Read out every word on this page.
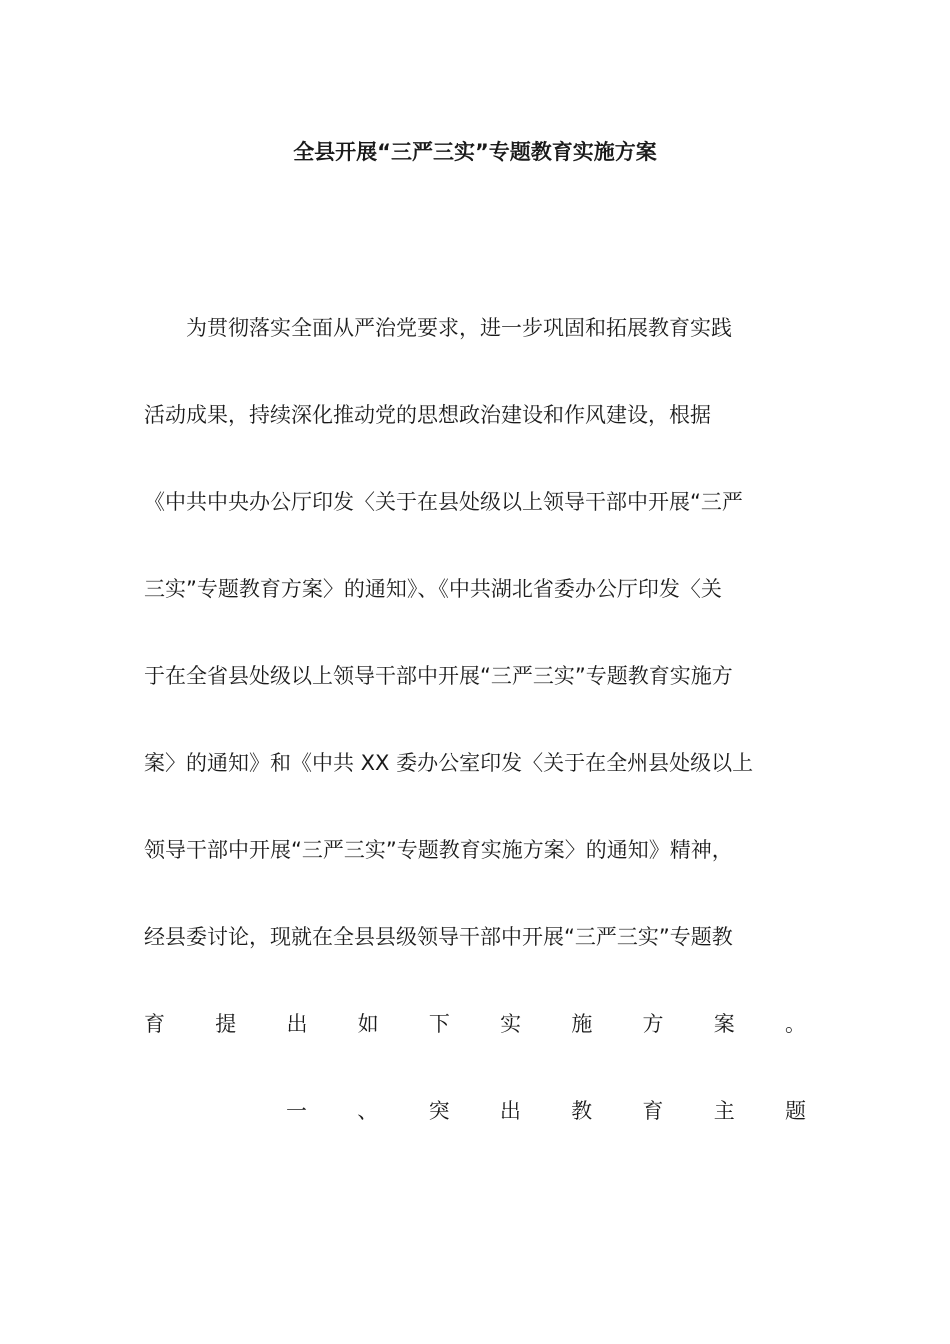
全县开展“三严三实”专题教育实施方案
　　为贯彻落实全面从严治党要求，进一步巩固和拓展教育实践
活动成果，持续深化推动党的思想政治建设和作风建设，根据
《中共中央办公厅印发〈关于在县处级以上领导干部中开展“三严
三实”专题教育方案〉的通知》、《中共湖北省委办公厅印发〈关
于在全省县处级以上领导干部中开展“三严三实”专题教育实施方
案〉的通知》和《中共 XX 委办公室印发〈关于在全州县处级以上
领导干部中开展“三严三实”专题教育实施方案〉的通知》精神，
经县委讨论，现就在全县县级领导干部中开展“三严三实”专题教
育 提 出 如 下 实 施 方 案 。
一 、 突 出 教 育 主 题
